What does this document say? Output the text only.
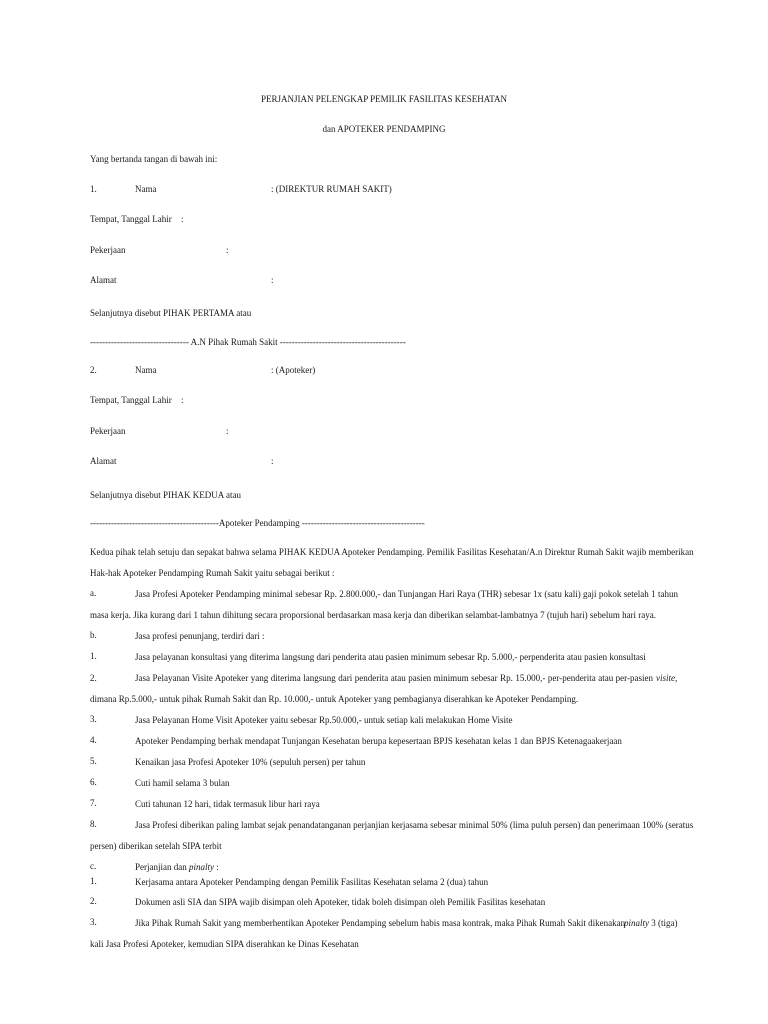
PERJANJIAN PELENGKAP PEMILIK FASILITAS KESEHATAN
dan APOTEKER PENDAMPING
Yang bertanda tangan di bawah ini:
1.	Nama	: (DIREKTUR RUMAH SAKIT)
Tempat, Tanggal Lahir :
Pekerjaan	:
Alamat	:
Selanjutnya disebut PIHAK PERTAMA atau
--------------------------------- A.N Pihak Rumah Sakit ------------------------------------------
2.	Nama	: (Apoteker)
Tempat, Tanggal Lahir :
Pekerjaan	:
Alamat	:
Selanjutnya disebut PIHAK KEDUA atau
-------------------------------------------Apoteker Pendamping -----------------------------------------
Kedua pihak telah setuju dan sepakat bahwa selama PIHAK KEDUA Apoteker Pendamping. Pemilik Fasilitas Kesehatan/A.n Direktur Rumah Sakit wajib memberikan
Hak-hak Apoteker Pendamping Rumah Sakit yaitu sebagai berikut :
a.	Jasa Profesi Apoteker Pendamping minimal sebesar Rp. 2.800.000,- dan Tunjangan Hari Raya (THR) sebesar 1x (satu kali) gaji pokok setelah 1 tahun
masa kerja. Jika kurang dari 1 tahun dihitung secara proporsional berdasarkan masa kerja dan diberikan selambat-lambatnya 7 (tujuh hari) sebelum hari raya.
b.	Jasa profesi penunjang, terdiri dari :
1.	Jasa pelayanan konsultasi yang diterima langsung dari penderita atau pasien minimum sebesar Rp. 5.000,- perpenderita atau pasien konsultasi
2.	Jasa Pelayanan Visite Apoteker yang diterima langsung dari penderita atau pasien minimum sebesar Rp. 15.000,- per-penderita atau per-pasien visite,
dimana Rp.5.000,- untuk pihak Rumah Sakit dan Rp. 10.000,- untuk Apoteker yang pembagianya diserahkan ke Apoteker Pendamping.
3.	Jasa Pelayanan Home Visit Apoteker yaitu sebesar Rp.50.000,- untuk setiap kali melakukan Home Visite
4.	Apoteker Pendamping berhak mendapat Tunjangan Kesehatan berupa kepesertaan BPJS kesehatan kelas 1 dan BPJS Ketenagaakerjaan
5.	Kenaikan jasa Profesi Apoteker 10% (sepuluh persen) per tahun
6.	Cuti hamil selama 3 bulan
7.	Cuti tahunan 12 hari, tidak termasuk libur hari raya
8.	Jasa Profesi diberikan paling lambat sejak penandatanganan perjanjian kerjasama sebesar minimal 50% (lima puluh persen) dan penerimaan 100% (seratus
persen) diberikan setelah SIPA terbit
c.	Perjanjian dan pinalty :
1.	Kerjasama antara Apoteker Pendamping dengan Pemilik Fasilitas Kesehatan selama 2 (dua) tahun
2.	Dokumen asli SIA dan SIPA wajib disimpan oleh Apoteker, tidak boleh disimpan oleh Pemilik Fasilitas kesehatan
3.	Jika Pihak Rumah Sakit yang memberhentikan Apoteker Pendamping sebelum habis masa kontrak, maka Pihak Rumah Sakit dikenakan
pinalty 3 (tiga)
kali Jasa Profesi Apoteker, kemudian SIPA diserahkan ke Dinas Kesehatan
